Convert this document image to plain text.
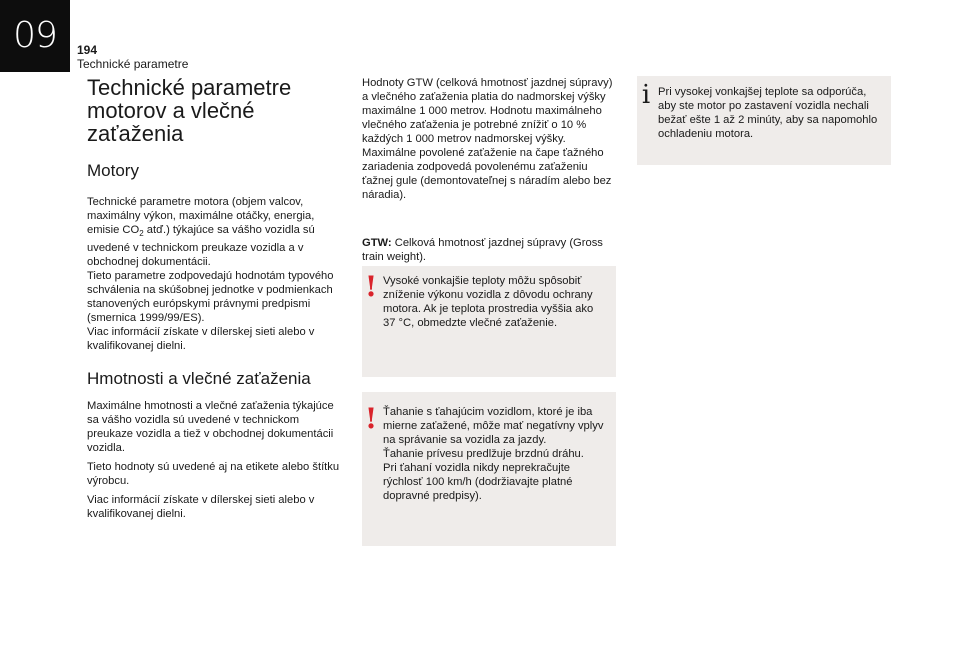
09	194
Technické parametre
Technické parametre motorov a vlečné zaťaženia
Motory

Technické parametre motora (objem valcov, maximálny výkon, maximálne otáčky, energia, emisie $CO_2$ atď.) týkajúce sa vášho vozidla sú uvedené v technickom preukaze vozidla a v obchodnej dokumentácii.

Tieto parametre zodpovedajú hodnotám typového schválenia na skúšobnej jednotke v podmienkach stanovených európskymi právnymi predpismi (smernica 1999/99/ES).

Viac informácií získate v dílerskej sieti alebo v kvalifikovanej dielni.

Hmotnosti a vlečné zaťaženia

Maximálne hmotnosti a vlečné zaťaženia týkajúce sa vášho vozidla sú uvedené v technickom preukaze vozidla a tiež v obchodnej dokumentácii vozidla.

Tieto hodnoty sú uvedené aj na etikete alebo štítku výrobcu.

Viac informácií získate v dílerskej sieti alebo v kvalifikovanej dielni.

Hodnoty GTW (celková hmotnosť jazdnej súpravy) a vlečného zaťaženia platia do nadmorskej výšky maximálne 1 000 metrov. Hodnotu maximálneho vlečného zaťaženia je potrebné znížiť o 10 % každých 1 000 metrov nadmorskej výšky.

Maximálne povolené zaťaženie na čape ťažného zariadenia zodpovedá povolenému zaťaženiu ťažnej gule (demontovateľnej s náradím alebo bez náradia).

GTW: Celková hmotnosť jazdnej súpravy (Gross train weight).

! Vysoké vonkajšie teploty môžu spôsobiť zníženie výkonu vozidla z dôvodu ochrany motora. Ak je teplota prostredia vyššia ako 37 °C, obmedzte vlečné zaťaženie.

! Ťahanie s ťahajúcim vozidlom, ktoré je iba mierne zaťažené, môže mať negatívny vplyv na správanie sa vozidla za jazdy.
Ťahanie prívesu predlžuje brzdnú dráhu.
Pri ťahaní vozidla nikdy neprekračujte rýchlosť 100 km/h (dodržiavajte platné dopravné predpisy).

i Pri vysokej vonkajšej teplote sa odporúča, aby ste motor po zastavení vozidla nechali bežať ešte 1 až 2 minúty, aby sa napomohlo ochladeniu motora.
